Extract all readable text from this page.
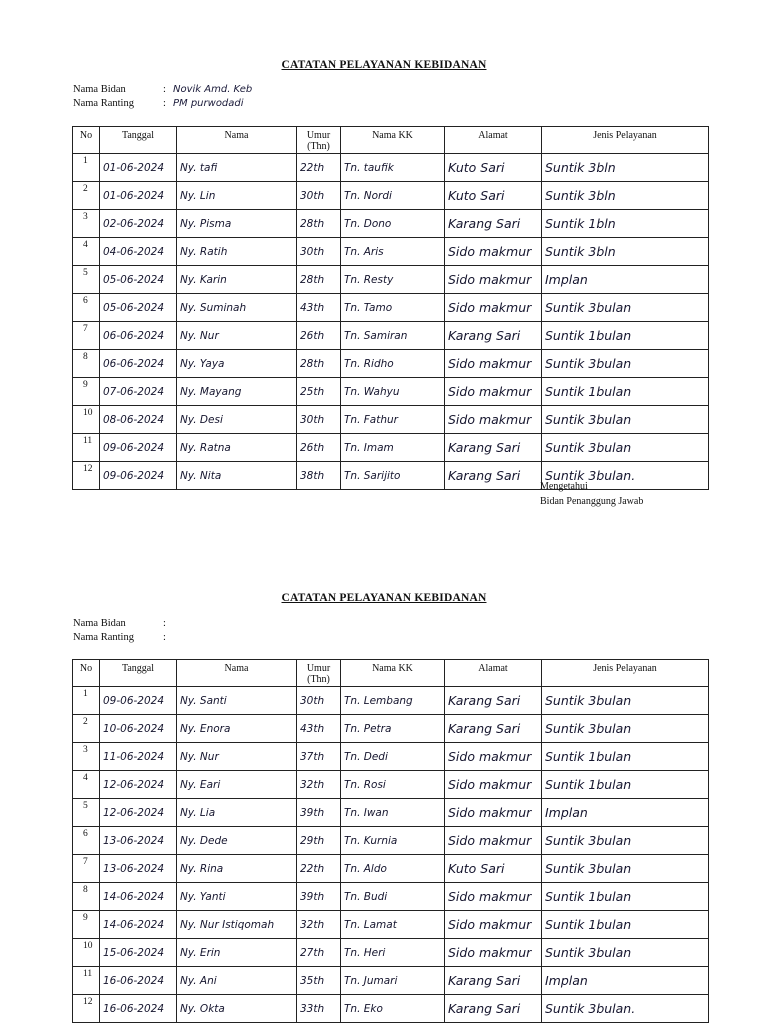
CATATAN PELAYANAN KEBIDANAN
Nama Bidan	: Novik Amd. Keb
Nama Ranting	: PM purwodadi
No	Tanggal	Nama	Umur (Thn)	Nama KK	Alamat	Jenis Pelayanan
1	01-06-2024	Ny. tafi	22th	Tn. taufik	Kuto Sari	Suntik 3bln
2	01-06-2024	Ny. Lin	30th	Tn. Nordi	Kuto Sari	Suntik 3bln
3	02-06-2024	Ny. Pisma	28th	Tn. Dono	Karang Sari	Suntik 1bln
4	04-06-2024	Ny. Ratih	30th	Tn. Aris	Sido makmur	Suntik 3bln
5	05-06-2024	Ny. Karin	28th	Tn. Resty	Sido makmur	Implan
6	05-06-2024	Ny. Suminah	43th	Tn. Tamo	Sido makmur	Suntik 3bulan
7	06-06-2024	Ny. Nur	26th	Tn. Samiran	Karang Sari	Suntik 1bulan
8	06-06-2024	Ny. Yaya	28th	Tn. Ridho	Sido makmur	Suntik 3bulan
9	07-06-2024	Ny. Mayang	25th	Tn. Wahyu	Sido makmur	Suntik 1bulan
10	08-06-2024	Ny. Desi	30th	Tn. Fathur	Sido makmur	Suntik 3bulan
11	09-06-2024	Ny. Ratna	26th	Tn. Imam	Karang Sari	Suntik 3bulan
12	09-06-2024	Ny. Nita	38th	Tn. Sarijito	Karang Sari	Suntik 3bulan.
Mengetahui
Bidan Penanggung Jawab
CATATAN PELAYANAN KEBIDANAN
Nama Bidan	:
Nama Ranting	:
No	Tanggal	Nama	Umur (Thn)	Nama KK	Alamat	Jenis Pelayanan
1	09-06-2024	Ny. Santi	30th	Tn. Lembang	Karang Sari	Suntik 3bulan
2	10-06-2024	Ny. Enora	43th	Tn. Petra	Karang Sari	Suntik 3bulan
3	11-06-2024	Ny. Nur	37th	Tn. Dedi	Sido makmur	Suntik 1bulan
4	12-06-2024	Ny. Eari	32th	Tn. Rosi	Sido makmur	Suntik 1bulan
5	12-06-2024	Ny. Lia	39th	Tn. Iwan	Sido makmur	Implan
6	13-06-2024	Ny. Dede	29th	Tn. Kurnia	Sido makmur	Suntik 3bulan
7	13-06-2024	Ny. Rina	22th	Tn. Aldo	Kuto Sari	Suntik 3bulan
8	14-06-2024	Ny. Yanti	39th	Tn. Budi	Sido makmur	Suntik 1bulan
9	14-06-2024	Ny. Nur Istiqomah	32th	Tn. Lamat	Sido makmur	Suntik 1bulan
10	15-06-2024	Ny. Erin	27th	Tn. Heri	Sido makmur	Suntik 3bulan
11	16-06-2024	Ny. Ani	35th	Tn. Jumari	Karang Sari	Implan
12	16-06-2024	Ny. Okta	33th	Tn. Eko	Karang Sari	Suntik 3bulan.
